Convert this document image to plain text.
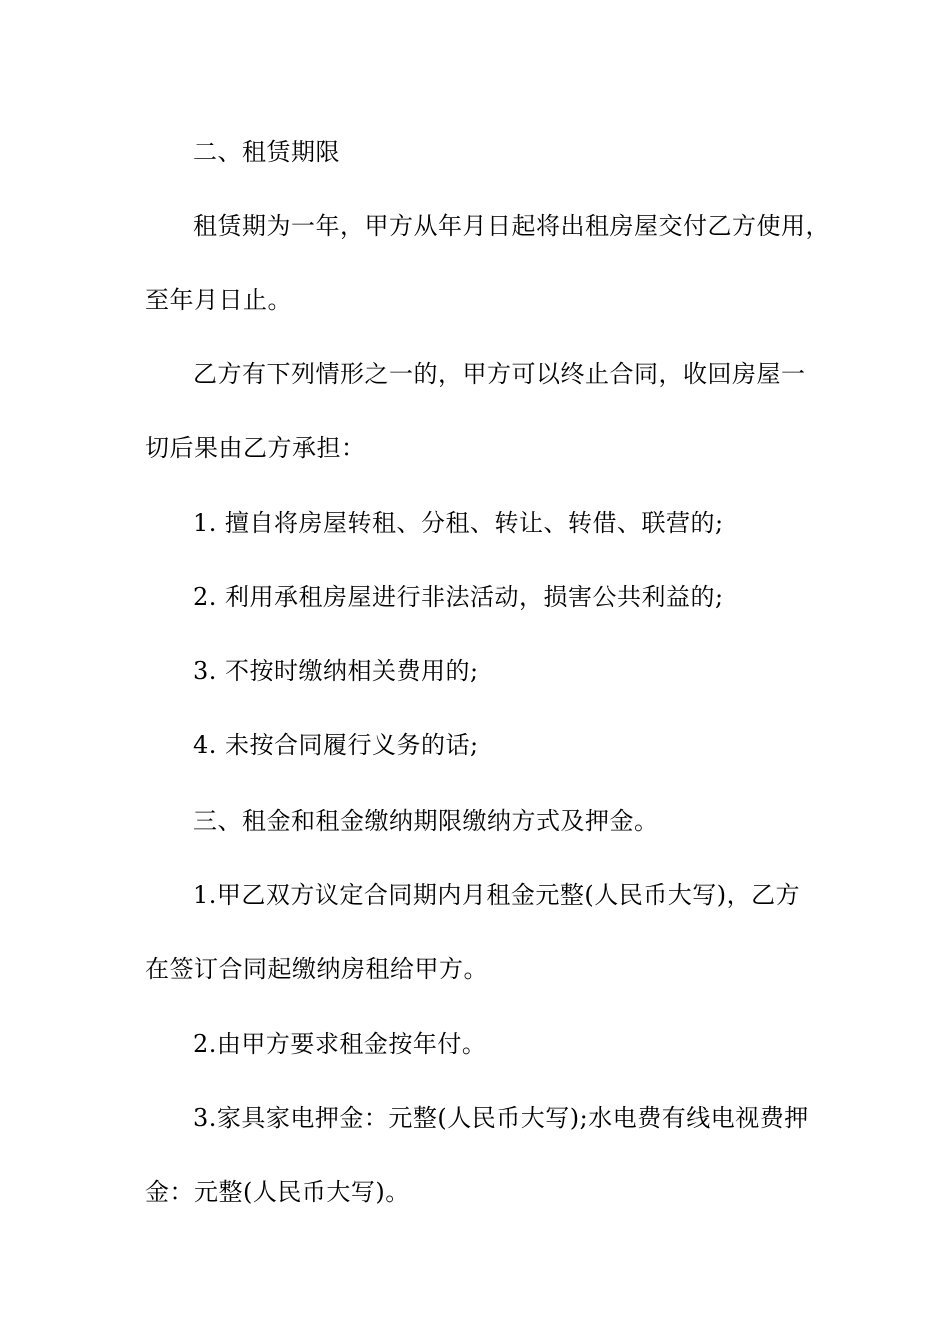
二、租赁期限
租赁期为一年，甲方从年月日起将出租房屋交付乙方使用，
至年月日止。
乙方有下列情形之一的，甲方可以终止合同，收回房屋一
切后果由乙方承担：
1. 擅自将房屋转租、分租、转让、转借、联营的;
2. 利用承租房屋进行非法活动，损害公共利益的;
3. 不按时缴纳相关费用的;
4. 未按合同履行义务的话;
三、租金和租金缴纳期限缴纳方式及押金。
1.甲乙双方议定合同期内月租金元整(人民币大写)，乙方
在签订合同起缴纳房租给甲方。
2.由甲方要求租金按年付。
3.家具家电押金：元整(人民币大写);水电费有线电视费押
金：元整(人民币大写)。
